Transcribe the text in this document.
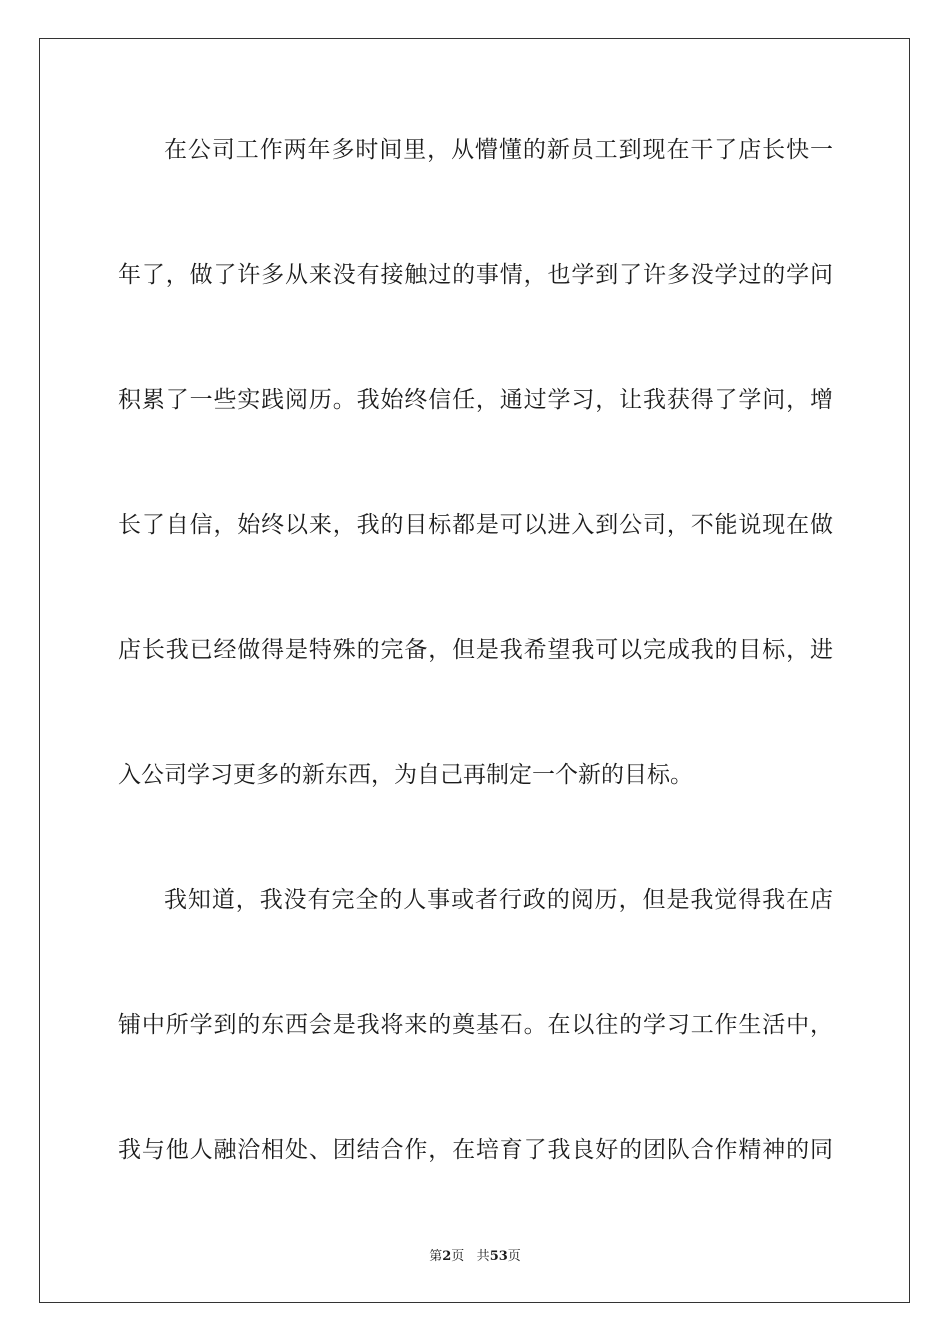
在公司工作两年多时间里，从懵懂的新员工到现在干了店长快一
年了，做了许多从来没有接触过的事情，也学到了许多没学过的学问
积累了一些实践阅历。我始终信任，通过学习，让我获得了学问，增
长了自信，始终以来，我的目标都是可以进入到公司，不能说现在做
店长我已经做得是特殊的完备，但是我希望我可以完成我的目标，进
入公司学习更多的新东西，为自己再制定一个新的目标。
我知道，我没有完全的人事或者行政的阅历，但是我觉得我在店
铺中所学到的东西会是我将来的奠基石。在以往的学习工作生活中，
我与他人融洽相处、团结合作，在培育了我良好的团队合作精神的同
第2页 共53页
